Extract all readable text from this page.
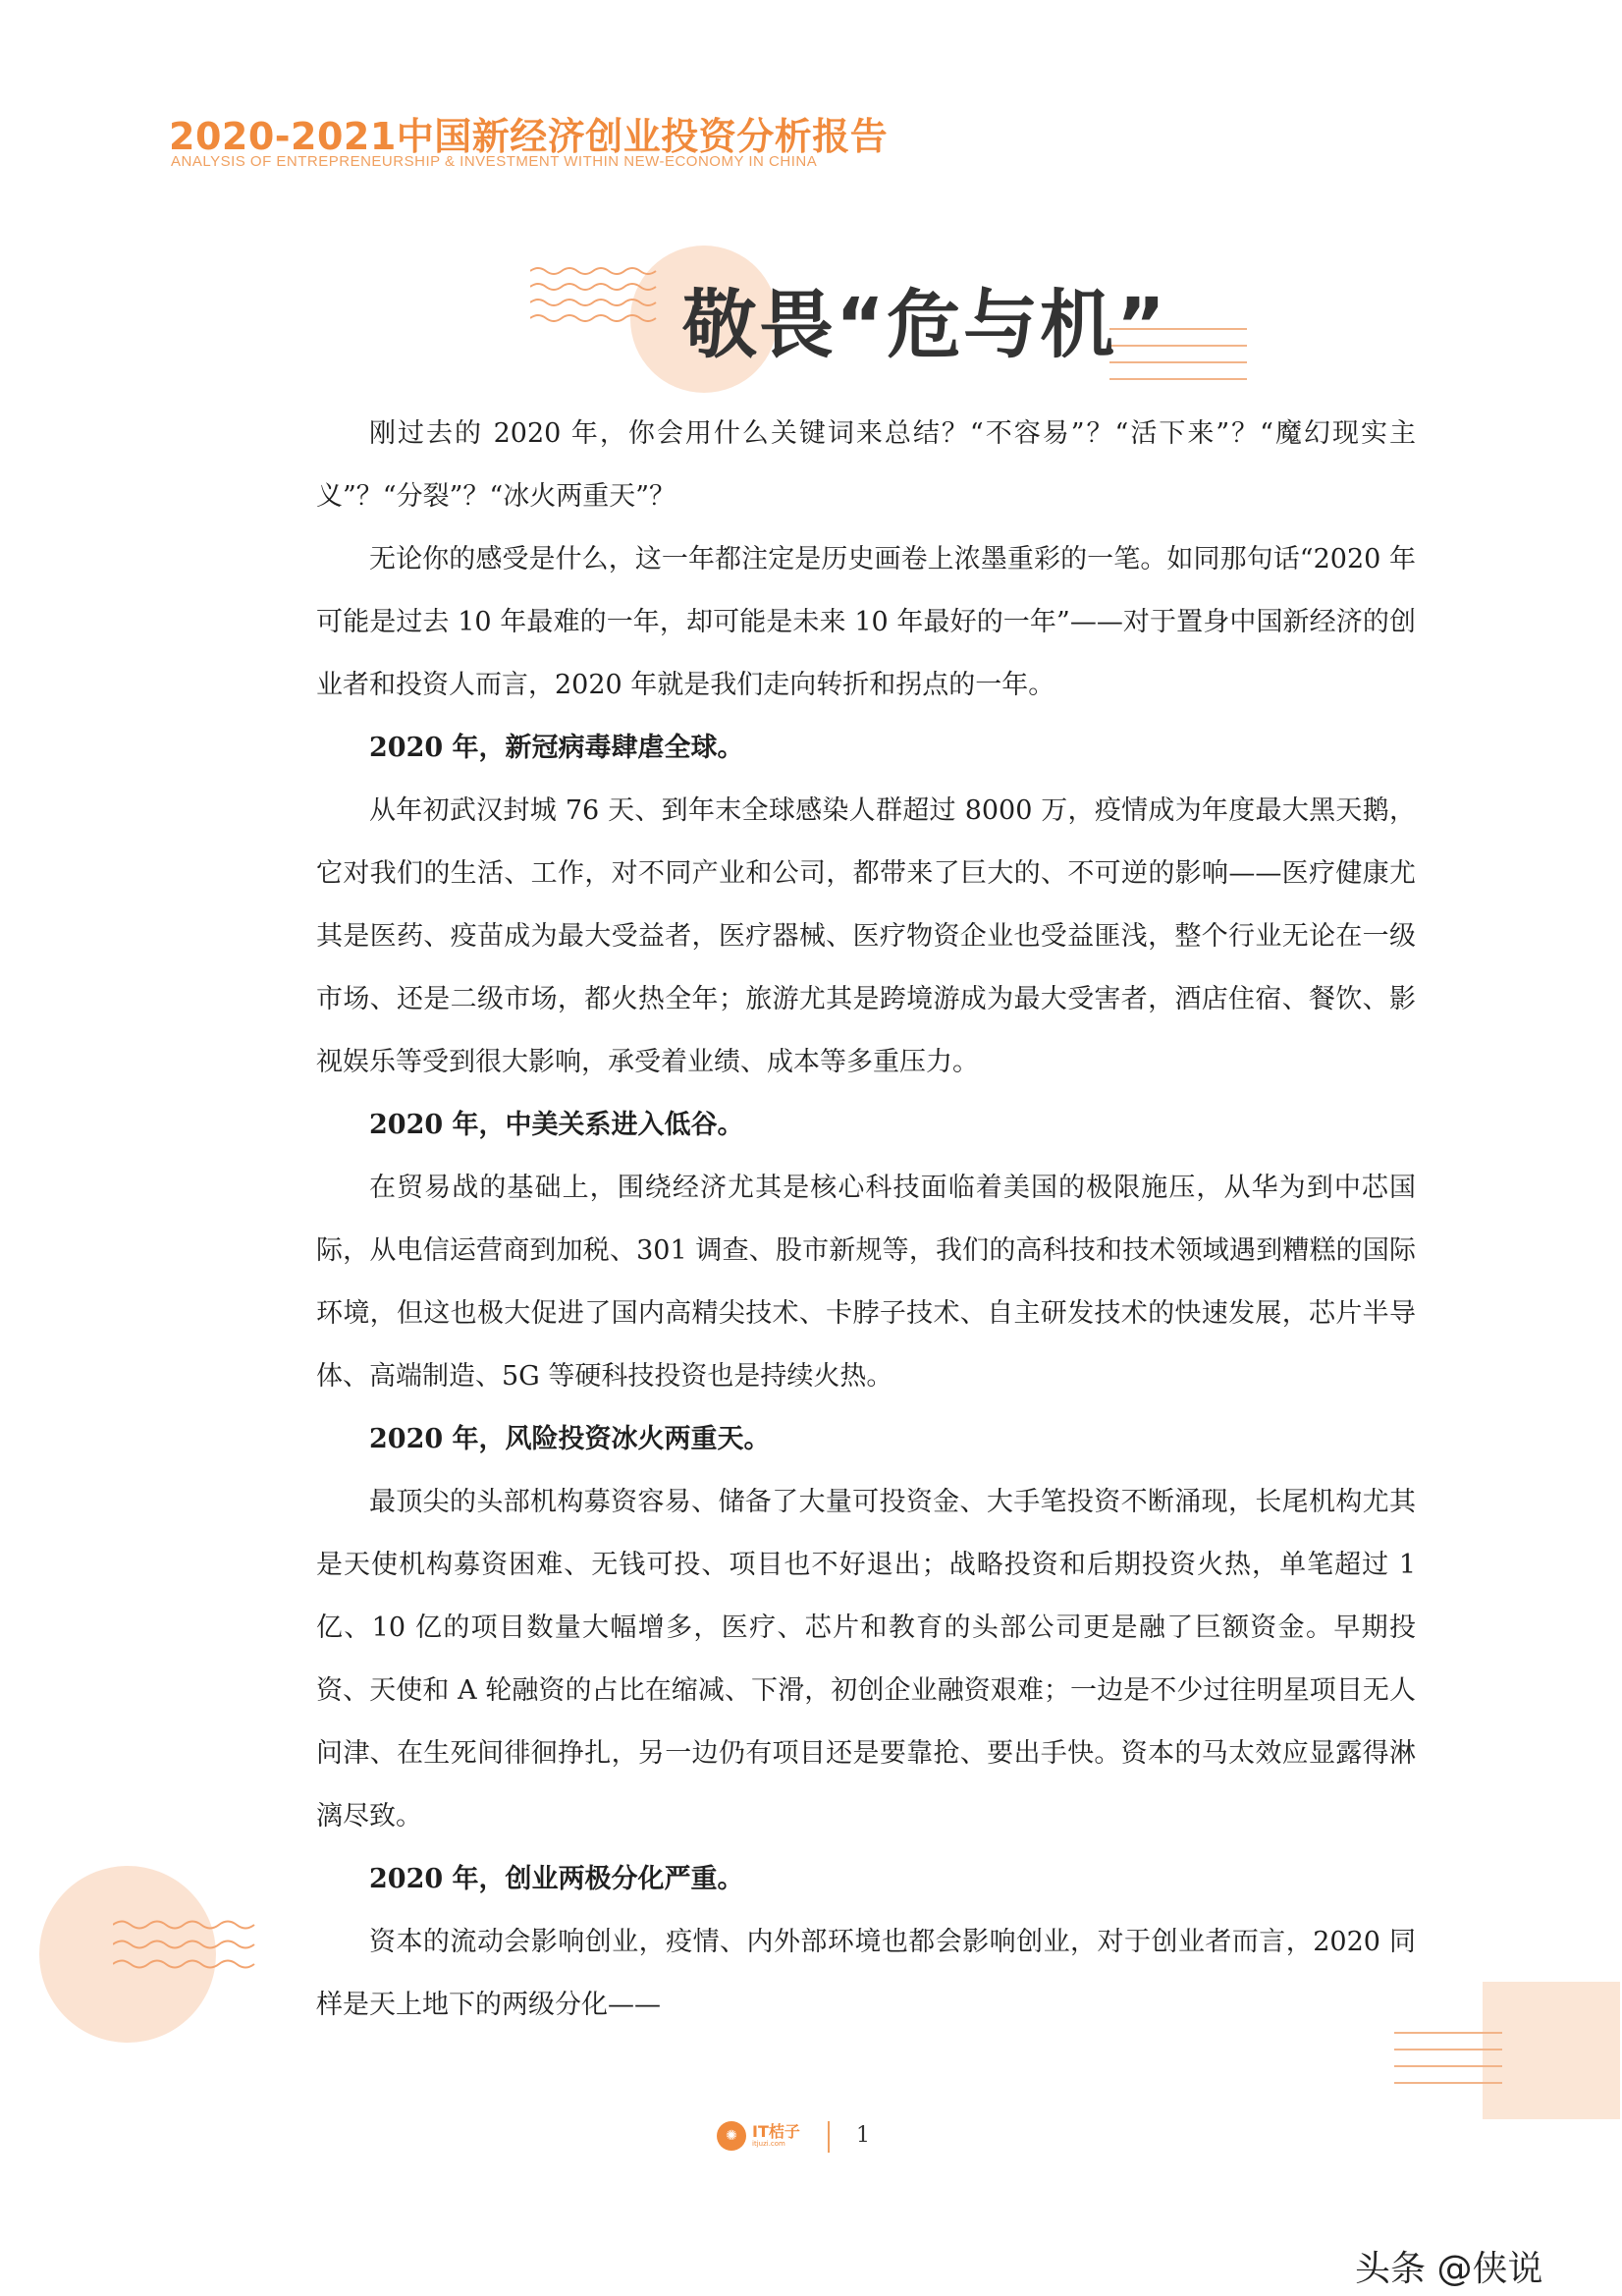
2020-2021中国新经济创业投资分析报告
ANALYSIS OF ENTREPRENEURSHIP & INVESTMENT WITHIN NEW-ECONOMY IN CHINA
敬畏“危与机”

刚过去的 2020 年，你会用什么关键词来总结？“不容易”？“活下来”？“魔幻现实主义”？“分裂”？“冰火两重天”？

无论你的感受是什么，这一年都注定是历史画卷上浓墨重彩的一笔。如同那句话“2020 年可能是过去 10 年最难的一年，却可能是未来 10 年最好的一年”——对于置身中国新经济的创业者和投资人而言，2020 年就是我们走向转折和拐点的一年。

2020 年，新冠病毒肆虐全球。

从年初武汉封城 76 天、到年末全球感染人群超过 8000 万，疫情成为年度最大黑天鹅，它对我们的生活、工作，对不同产业和公司，都带来了巨大的、不可逆的影响——医疗健康尤其是医药、疫苗成为最大受益者，医疗器械、医疗物资企业也受益匪浅，整个行业无论在一级市场、还是二级市场，都火热全年；旅游尤其是跨境游成为最大受害者，酒店住宿、餐饮、影视娱乐等受到很大影响，承受着业绩、成本等多重压力。

2020 年，中美关系进入低谷。

在贸易战的基础上，围绕经济尤其是核心科技面临着美国的极限施压，从华为到中芯国际，从电信运营商到加税、301 调查、股市新规等，我们的高科技和技术领域遇到糟糕的国际环境，但这也极大促进了国内高精尖技术、卡脖子技术、自主研发技术的快速发展，芯片半导体、高端制造、5G 等硬科技投资也是持续火热。

2020 年，风险投资冰火两重天。

最顶尖的头部机构募资容易、储备了大量可投资金、大手笔投资不断涌现，长尾机构尤其是天使机构募资困难、无钱可投、项目也不好退出；战略投资和后期投资火热，单笔超过 1 亿、10 亿的项目数量大幅增多，医疗、芯片和教育的头部公司更是融了巨额资金。早期投资、天使和 A 轮融资的占比在缩减、下滑，初创企业融资艰难；一边是不少过往明星项目无人问津、在生死间徘徊挣扎，另一边仍有项目还是要靠抢、要出手快。资本的马太效应显露得淋漓尽致。

2020 年，创业两极分化严重。

资本的流动会影响创业，疫情、内外部环境也都会影响创业，对于创业者而言，2020 同样是天上地下的两级分化——

✺ IT桔子
itjuzi.com	1
头条 @侠说
